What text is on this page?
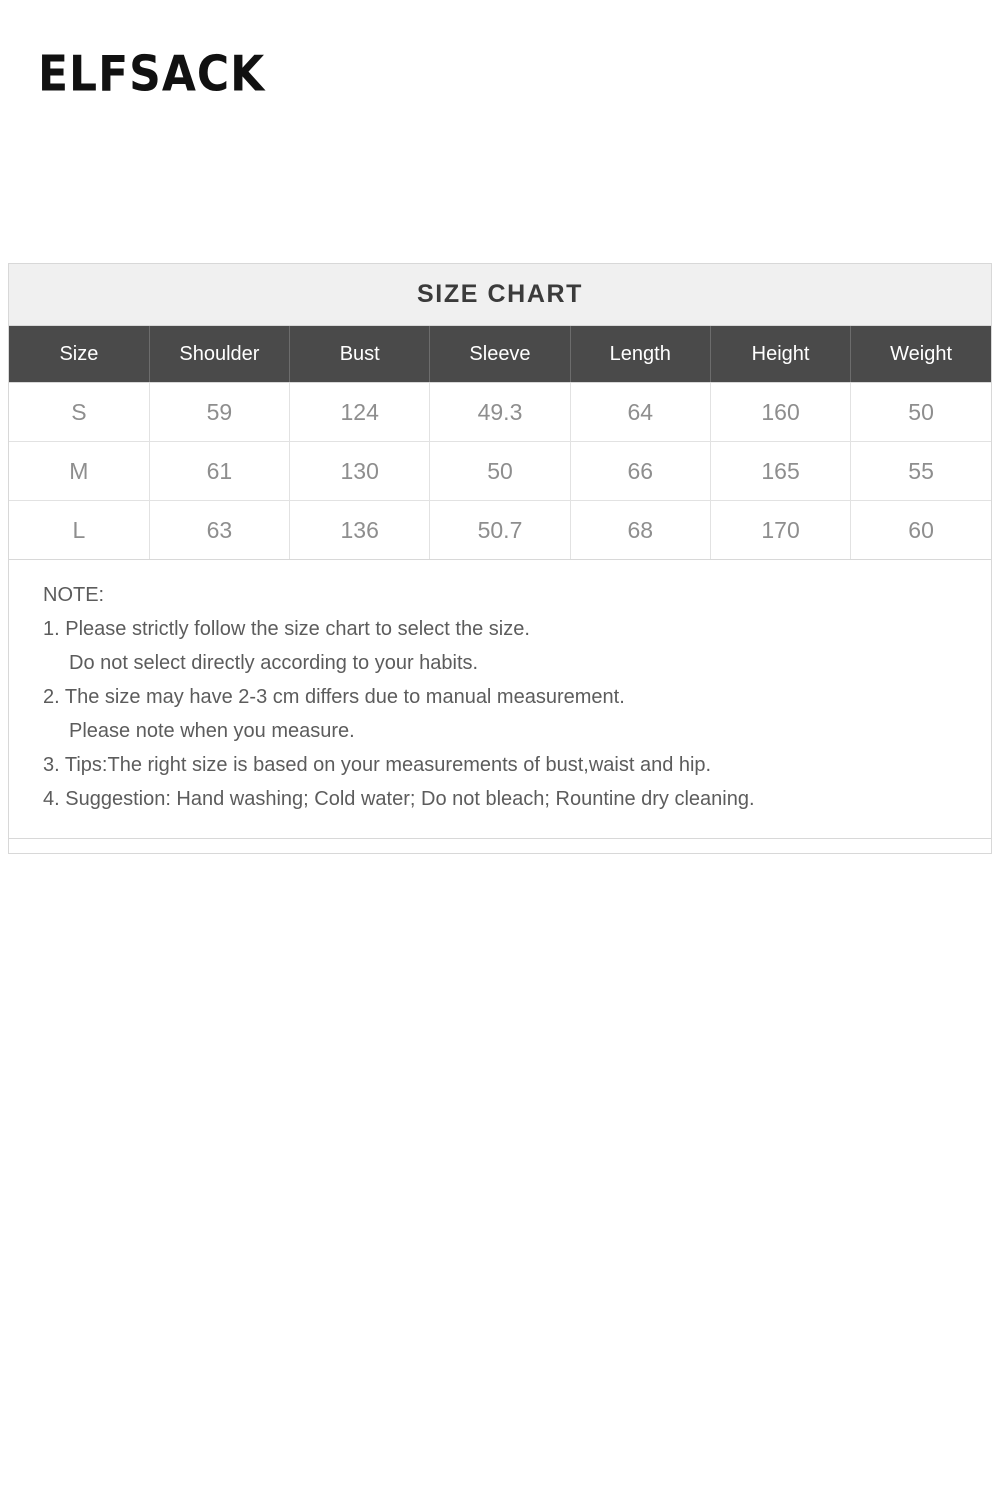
ELFSACK
SIZE CHART
Size	Shoulder	Bust	Sleeve	Length	Height	Weight
S	59	124	49.3	64	160	50
M	61	130	50	66	165	55
L	63	136	50.7	68	170	60
NOTE:
1. Please strictly follow the size chart to select the size.
Do not select directly according to your habits.
2. The size may have 2-3 cm differs due to manual measurement.
Please note when you measure.
3. Tips:The right size is based on your measurements of bust,waist and hip.
4. Suggestion: Hand washing; Cold water; Do not bleach; Rountine dry cleaning.
